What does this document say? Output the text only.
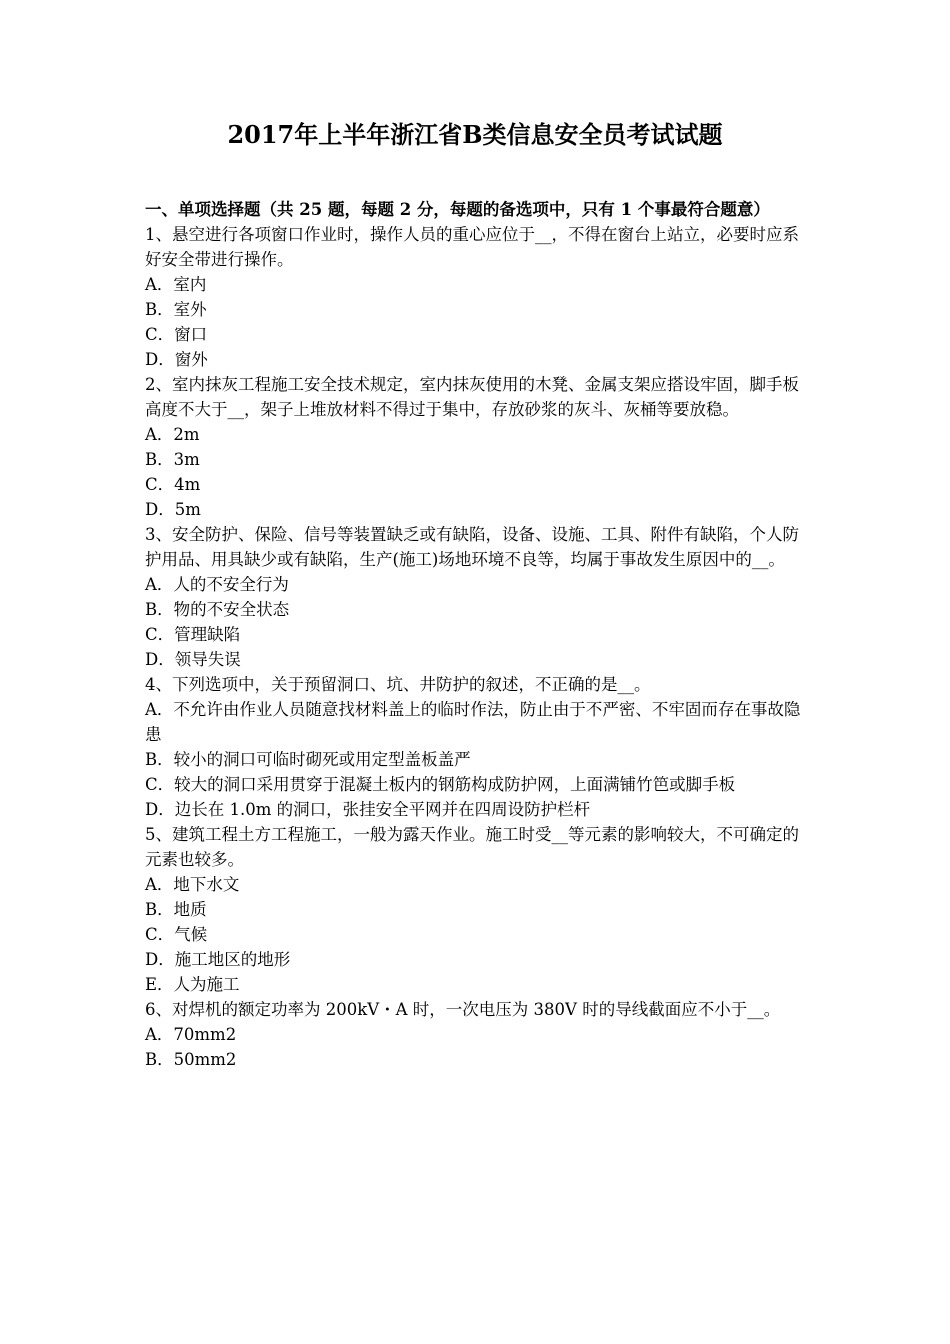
2017年上半年浙江省B类信息安全员考试试题
一、单项选择题（共 25 题，每题 2 分，每题的备选项中，只有 1 个事最符合题意）

1、悬空进行各项窗口作业时，操作人员的重心应位于__，不得在窗台上站立，必要时应系好安全带进行操作。

A．室内

B．室外

C．窗口

D．窗外

2、室内抹灰工程施工安全技术规定，室内抹灰使用的木凳、金属支架应搭设牢固，脚手板高度不大于__，架子上堆放材料不得过于集中，存放砂浆的灰斗、灰桶等要放稳。

A．2m

B．3m

C．4m

D．5m

3、安全防护、保险、信号等装置缺乏或有缺陷，设备、设施、工具、附件有缺陷，个人防护用品、用具缺少或有缺陷，生产(施工)场地环境不良等，均属于事故发生原因中的__。

A．人的不安全行为

B．物的不安全状态

C．管理缺陷

D．领导失误

4、下列选项中，关于预留洞口、坑、井防护的叙述，不正确的是__。

A．不允许由作业人员随意找材料盖上的临时作法，防止由于不严密、不牢固而存在事故隐患

B．较小的洞口可临时砌死或用定型盖板盖严

C．较大的洞口采用贯穿于混凝土板内的钢筋构成防护网，上面满铺竹笆或脚手板

D．边长在 1.0m 的洞口，张挂安全平网并在四周设防护栏杆

5、建筑工程土方工程施工，一般为露天作业。施工时受__等元素的影响较大，不可确定的元素也较多。

A．地下水文

B．地质

C．气候

D．施工地区的地形

E．人为施工

6、对焊机的额定功率为 200kV・A 时，一次电压为 380V 时的导线截面应不小于__。

A．70mm2

B．50mm2
